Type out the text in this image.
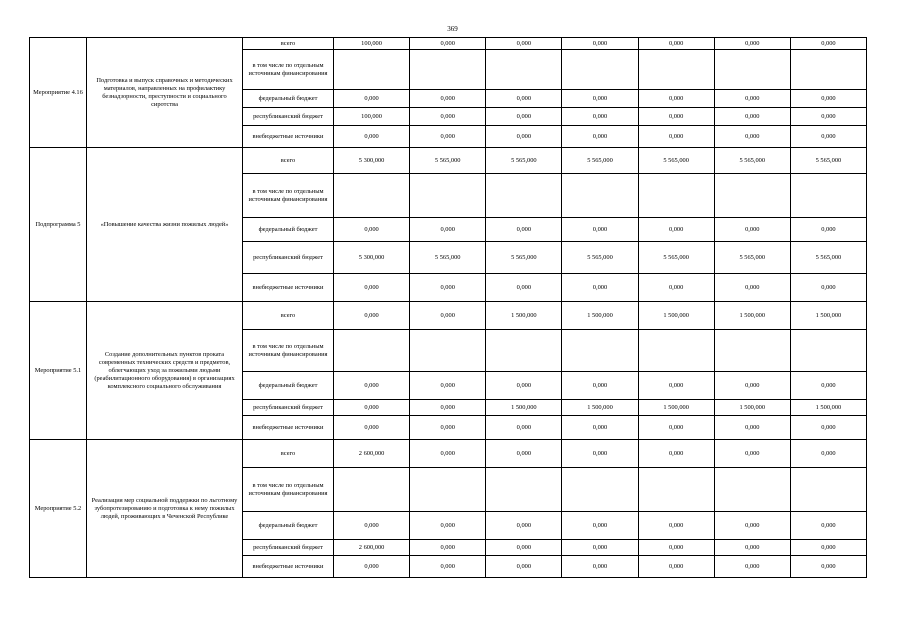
369
Мероприятие 4.16	Подготовка и выпуск справочных и методических материалов, направленных на профилактику безнадзорности, преступности и социального сиротства	всего	100,000	0,000	0,000	0,000	0,000	0,000	0,000
		в том числе по отдельным источникам финансирования							
		федеральный бюджет	0,000	0,000	0,000	0,000	0,000	0,000	0,000
		республиканский бюджет	100,000	0,000	0,000	0,000	0,000	0,000	0,000
		внебюджетные источники	0,000	0,000	0,000	0,000	0,000	0,000	0,000
Подпрограмма 5	«Повышение качества жизни пожилых людей»	всего	5 300,000	5 565,000	5 565,000	5 565,000	5 565,000	5 565,000	5 565,000
		в том числе по отдельным источникам финансирования							
		федеральный бюджет	0,000	0,000	0,000	0,000	0,000	0,000	0,000
		республиканский бюджет	5 300,000	5 565,000	5 565,000	5 565,000	5 565,000	5 565,000	5 565,000
		внебюджетные источники	0,000	0,000	0,000	0,000	0,000	0,000	0,000
Мероприятие 5.1	Создание дополнительных пунктов проката современных технических средств и предметов, облегчающих уход за пожилыми людьми (реабилитационного оборудования) в организациях комплексного социального обслуживания	всего	0,000	0,000	1 500,000	1 500,000	1 500,000	1 500,000	1 500,000
		в том числе по отдельным источникам финансирования							
		федеральный бюджет	0,000	0,000	0,000	0,000	0,000	0,000	0,000
		республиканский бюджет	0,000	0,000	1 500,000	1 500,000	1 500,000	1 500,000	1 500,000
		внебюджетные источники	0,000	0,000	0,000	0,000	0,000	0,000	0,000
Мероприятие 5.2	Реализация мер социальной поддержки по льготному зубопротезированию и подготовка к нему пожилых людей, проживающих в Чеченской Республике	всего	2 600,000	0,000	0,000	0,000	0,000	0,000	0,000
		в том числе по отдельным источникам финансирования							
		федеральный бюджет	0,000	0,000	0,000	0,000	0,000	0,000	0,000
		республиканский бюджет	2 600,000	0,000	0,000	0,000	0,000	0,000	0,000
		внебюджетные источники	0,000	0,000	0,000	0,000	0,000	0,000	0,000
